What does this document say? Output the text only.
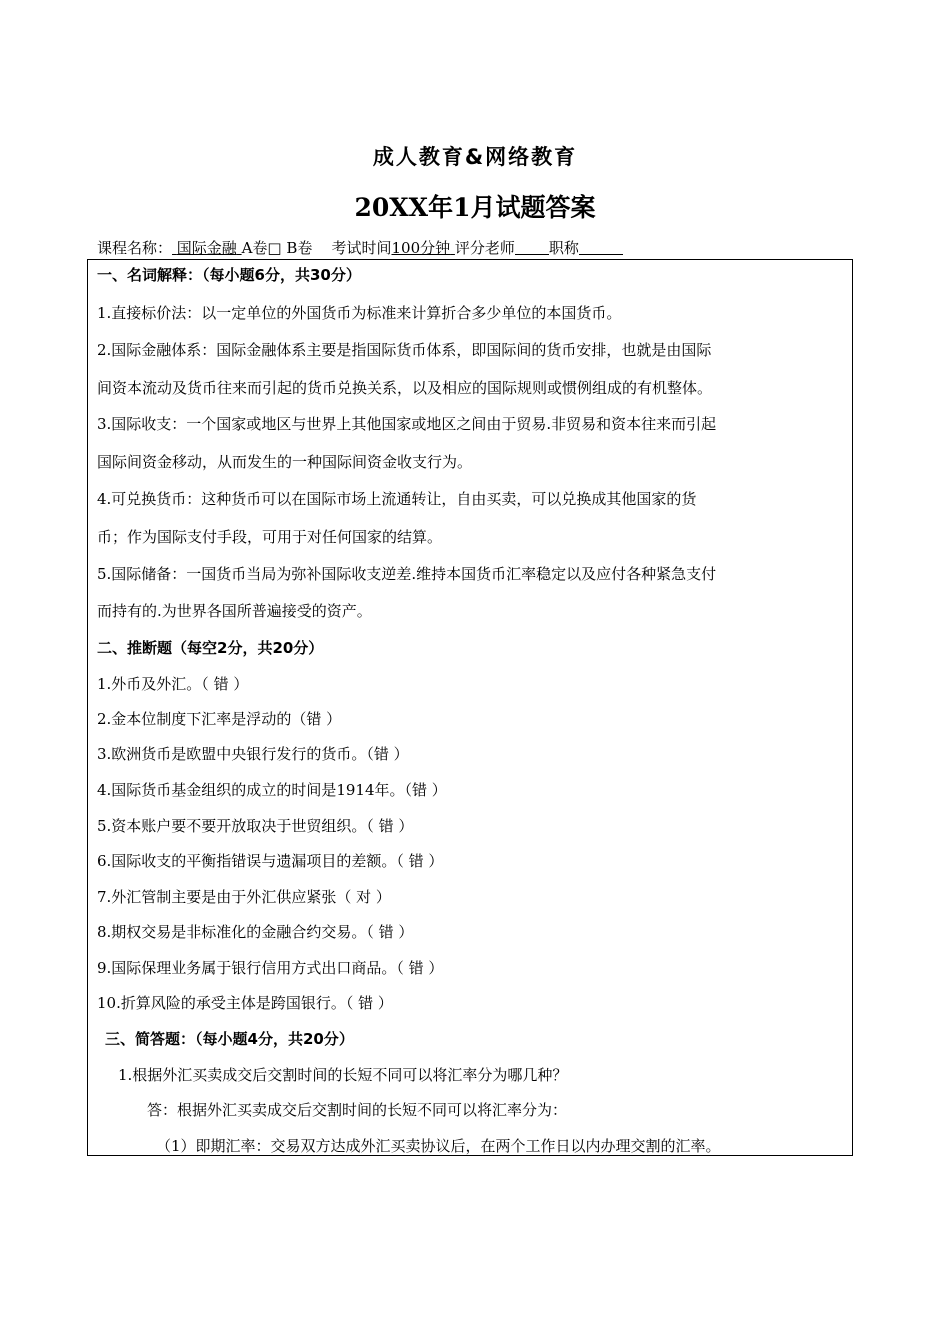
成人教育&网络教育
20XX年1月试题答案
课程名称： 国际金融 A卷□ B卷 考试时间100分钟 评分老师 职称
一、名词解释：（每小题6分，共30分）
1.直接标价法：以一定单位的外国货币为标准来计算折合多少单位的本国货币。
2.国际金融体系：国际金融体系主要是指国际货币体系，即国际间的货币安排，也就是由国际
间资本流动及货币往来而引起的货币兑换关系，以及相应的国际规则或惯例组成的有机整体。
3.国际收支：一个国家或地区与世界上其他国家或地区之间由于贸易.非贸易和资本往来而引起
国际间资金移动，从而发生的一种国际间资金收支行为。
4.可兑换货币：这种货币可以在国际市场上流通转让，自由买卖，可以兑换成其他国家的货
币；作为国际支付手段，可用于对任何国家的结算。
5.国际储备：一国货币当局为弥补国际收支逆差.维持本国货币汇率稳定以及应付各种紧急支付
而持有的.为世界各国所普遍接受的资产。
二、推断题（每空2分，共20分）
1.外币及外汇。（ 错 ）
2.金本位制度下汇率是浮动的（错 ）
3.欧洲货币是欧盟中央银行发行的货币。（错 ）
4.国际货币基金组织的成立的时间是1914年。（错 ）
5.资本账户要不要开放取决于世贸组织。（ 错 ）
6.国际收支的平衡指错误与遗漏项目的差额。（ 错 ）
7.外汇管制主要是由于外汇供应紧张（ 对 ）
8.期权交易是非标准化的金融合约交易。（ 错 ）
9.国际保理业务属于银行信用方式出口商品。（ 错 ）
10.折算风险的承受主体是跨国银行。（ 错 ）
三、简答题：（每小题4分，共20分）
1.根据外汇买卖成交后交割时间的长短不同可以将汇率分为哪几种？
答：根据外汇买卖成交后交割时间的长短不同可以将汇率分为：
（1）即期汇率：交易双方达成外汇买卖协议后，在两个工作日以内办理交割的汇率。
